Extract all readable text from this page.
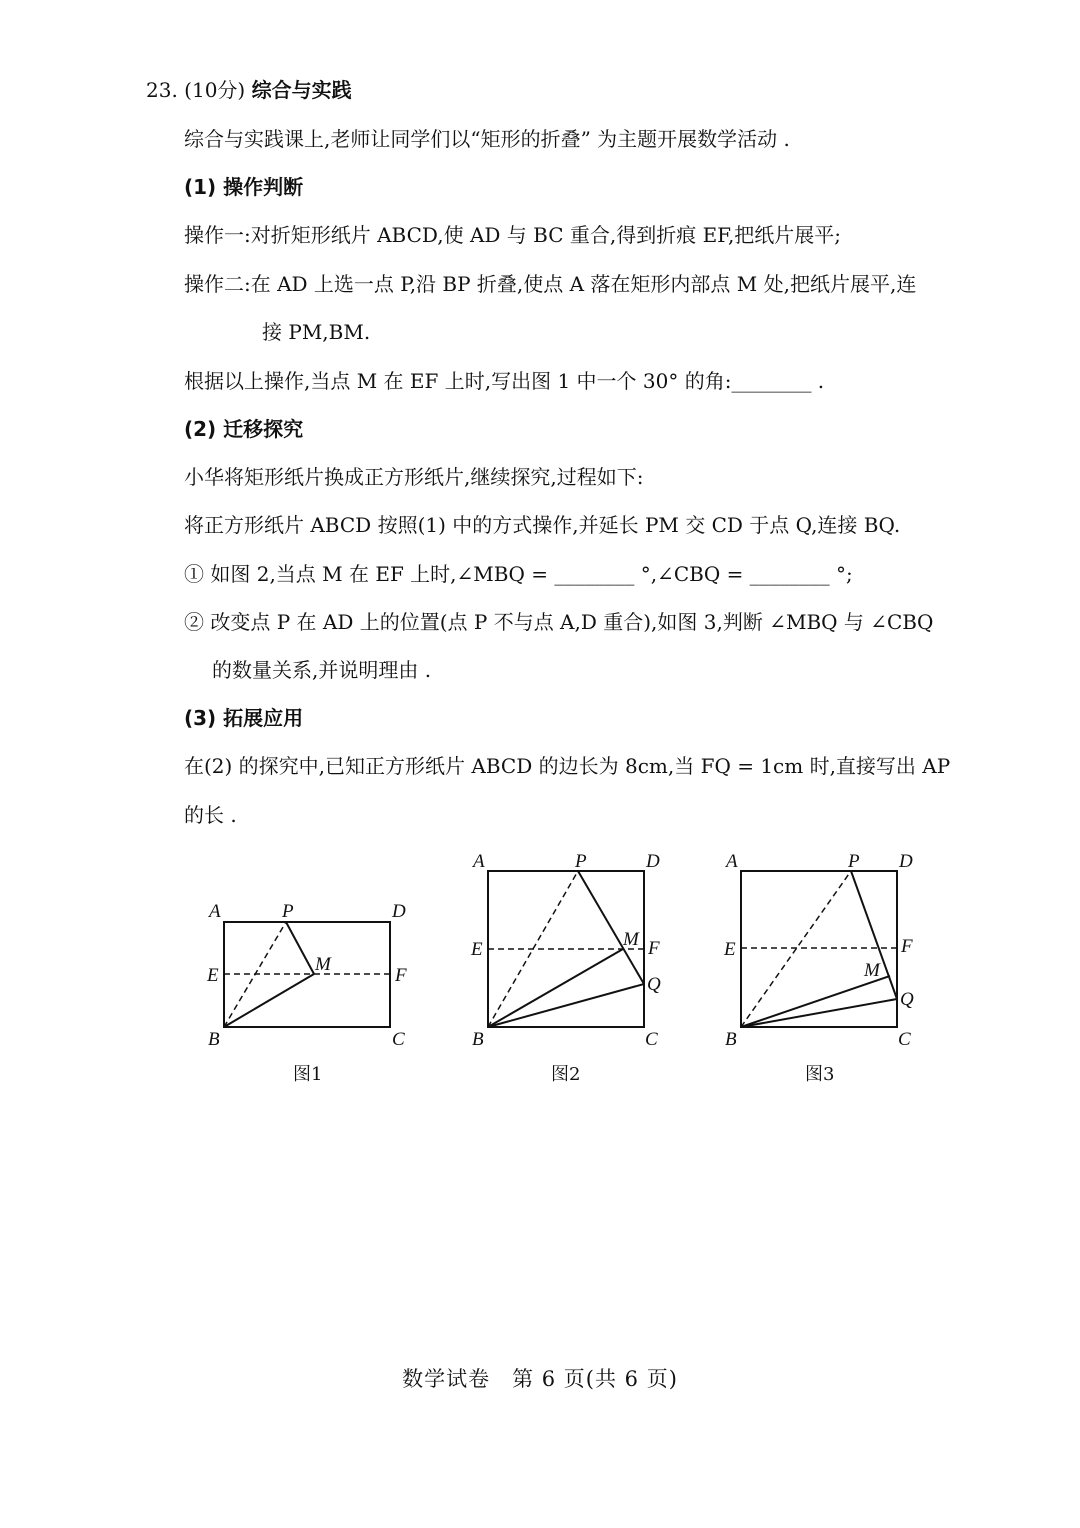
23. (10分) 综合与实践
综合与实践课上,老师让同学们以“矩形的折叠” 为主题开展数学活动 .
(1) 操作判断
操作一:对折矩形纸片 ABCD,使 AD 与 BC 重合,得到折痕 EF,把纸片展平;
操作二:在 AD 上选一点 P,沿 BP 折叠,使点 A 落在矩形内部点 M 处,把纸片展平,连
接 PM,BM.
根据以上操作,当点 M 在 EF 上时,写出图 1 中一个 30° 的角:________ .
(2) 迁移探究
小华将矩形纸片换成正方形纸片,继续探究,过程如下:
将正方形纸片 ABCD 按照(1) 中的方式操作,并延长 PM 交 CD 于点 Q,连接 BQ.
① 如图 2,当点 M 在 EF 上时,∠MBQ = ________ °,∠CBQ = ________ °;
② 改变点 P 在 AD 上的位置(点 P 不与点 A,D 重合),如图 3,判断 ∠MBQ 与 ∠CBQ
的数量关系,并说明理由 .
(3) 拓展应用
在(2) 的探究中,已知正方形纸片 ABCD 的边长为 8cm,当 FQ = 1cm 时,直接写出 AP
的长 .
A	P	D
E
M
F
B	C
图1
A	P	D
E	M F
Q
B	C
图2
A	P D
E
M
F
Q
B	C
图3
数学试卷　第 6 页(共 6 页)
